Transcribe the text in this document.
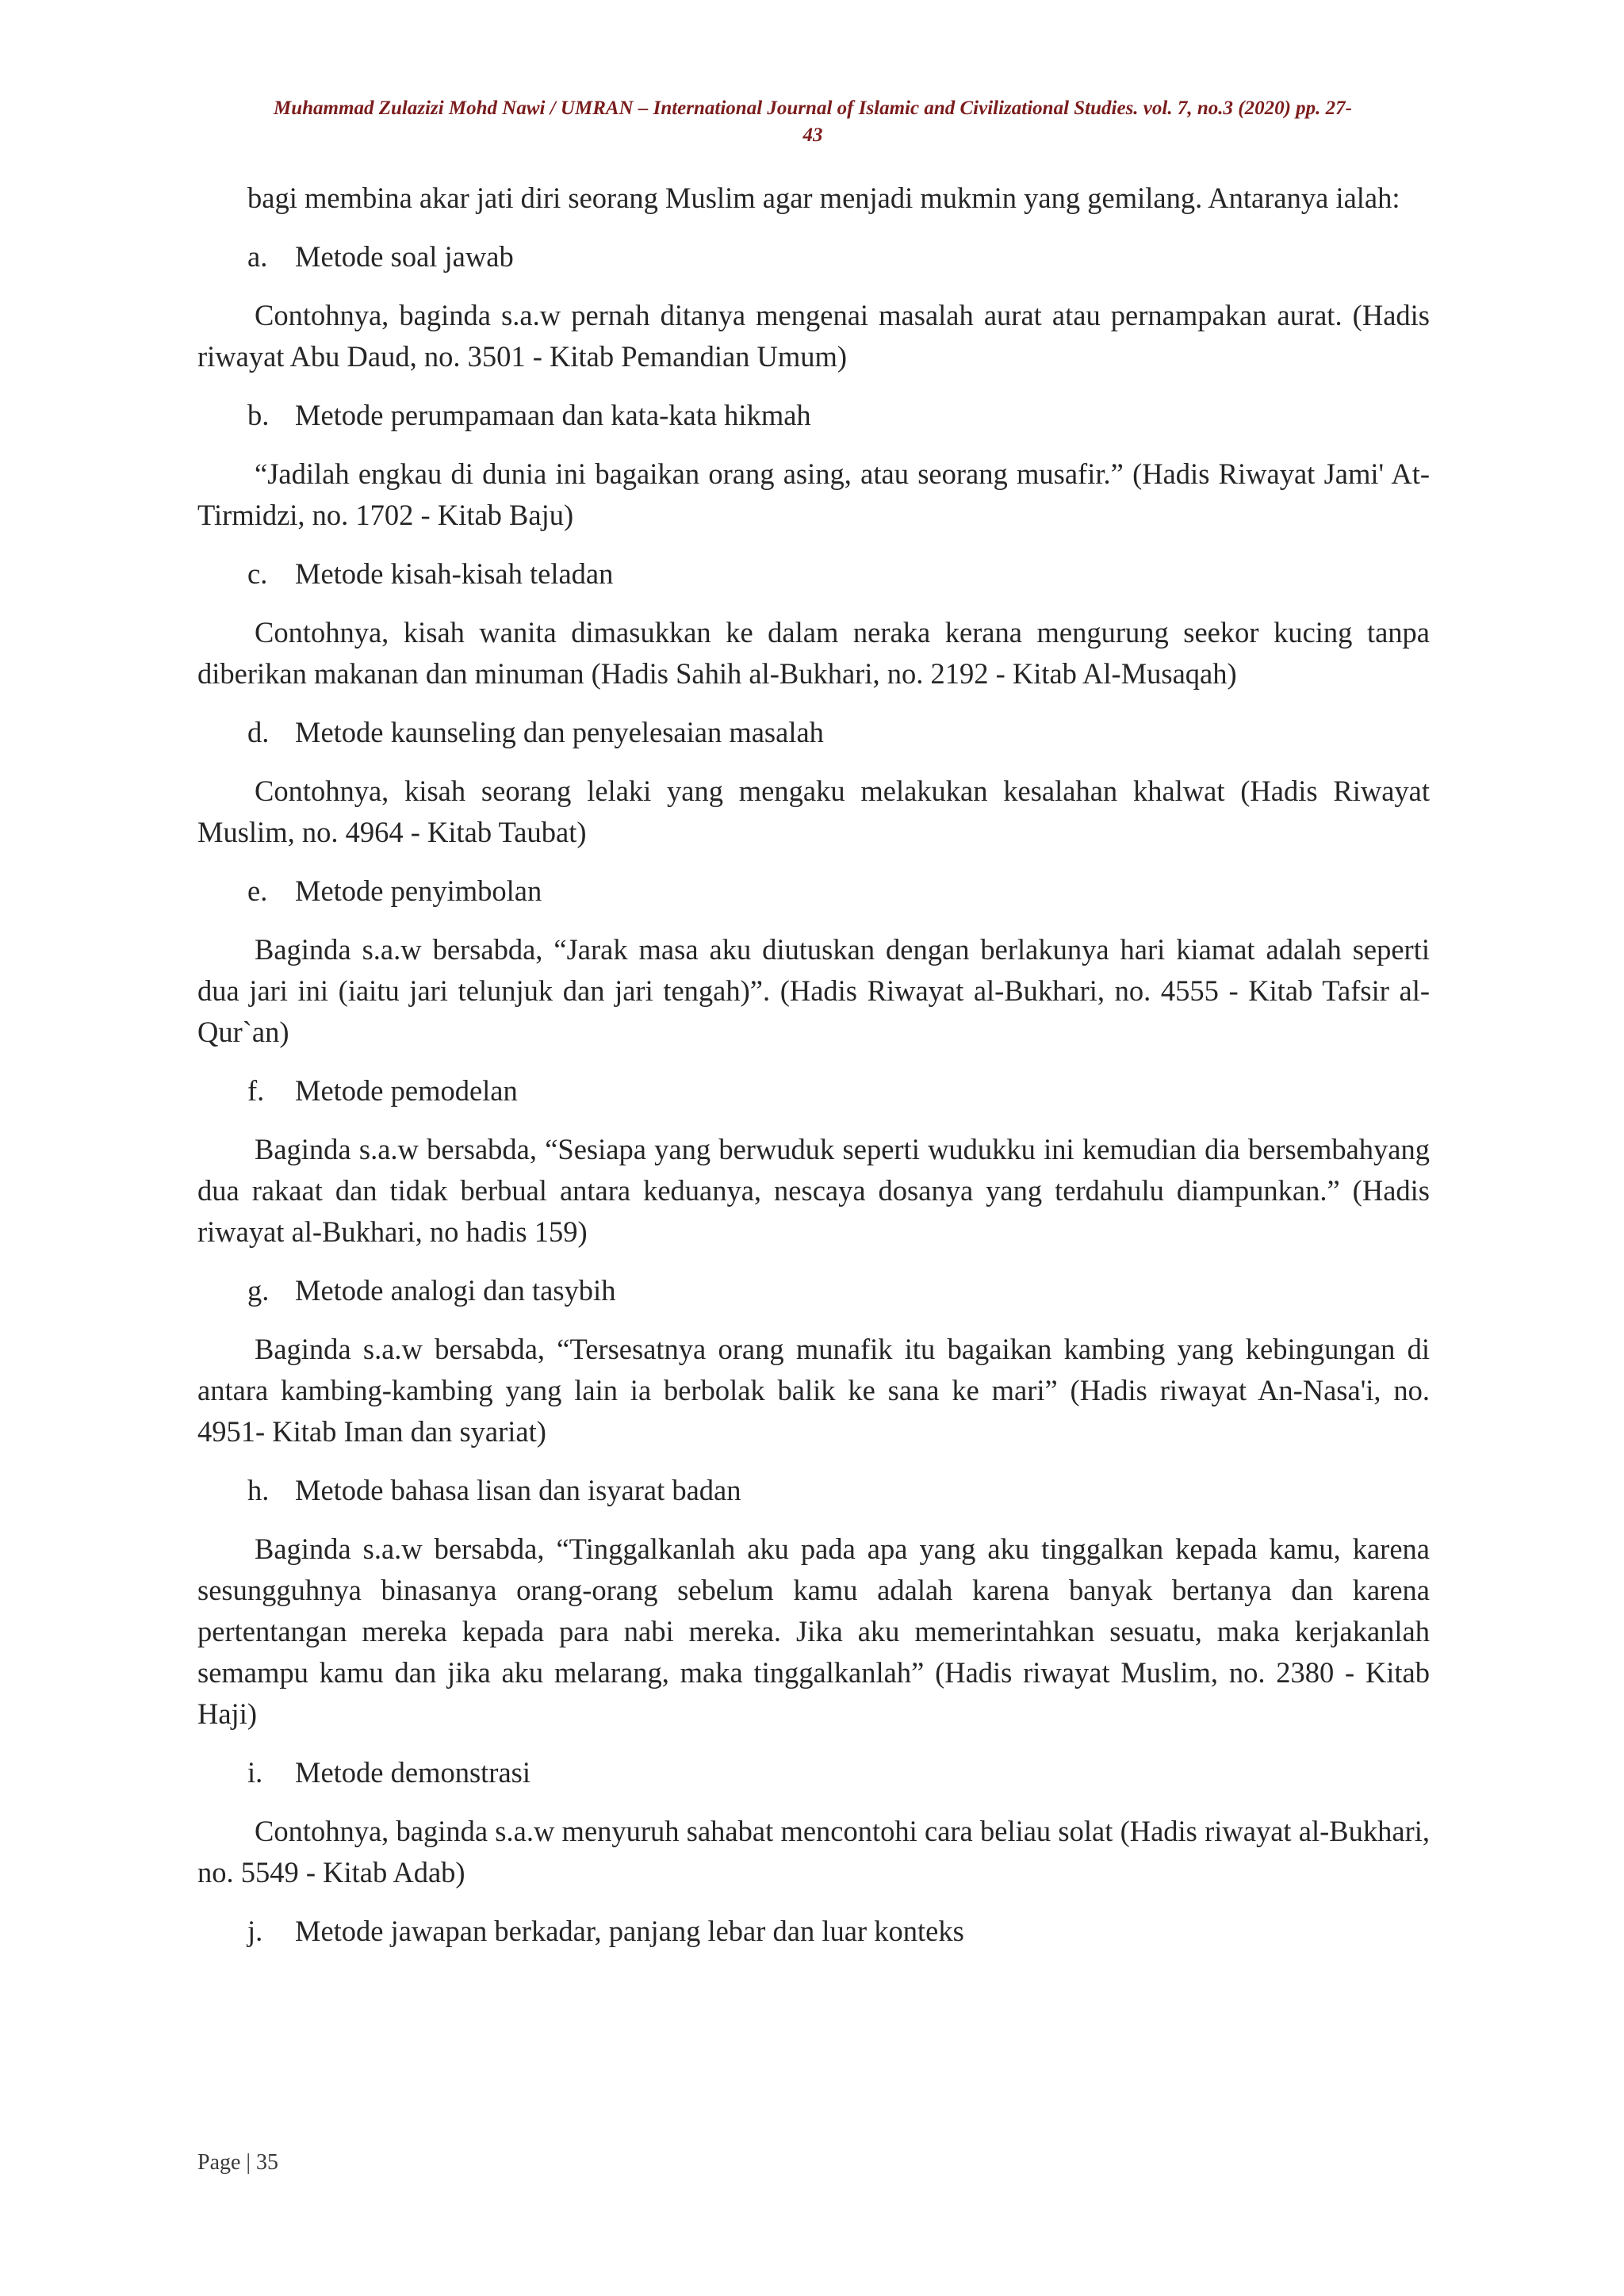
Muhammad Zulazizi Mohd Nawi / UMRAN – International Journal of Islamic and Civilizational Studies. vol. 7, no.3 (2020) pp. 27-
43

bagi membina akar jati diri seorang Muslim agar menjadi mukmin yang gemilang. Antaranya ialah:

a. Metode soal jawab

Contohnya, baginda s.a.w pernah ditanya mengenai masalah aurat atau pernampakan aurat. (Hadis riwayat Abu Daud, no. 3501 - Kitab Pemandian Umum)

b. Metode perumpamaan dan kata-kata hikmah

“Jadilah engkau di dunia ini bagaikan orang asing, atau seorang musafir.” (Hadis Riwayat Jami' At-Tirmidzi, no. 1702 - Kitab Baju)

c. Metode kisah-kisah teladan

Contohnya, kisah wanita dimasukkan ke dalam neraka kerana mengurung seekor kucing tanpa diberikan makanan dan minuman (Hadis Sahih al-Bukhari, no. 2192 - Kitab Al-Musaqah)

d. Metode kaunseling dan penyelesaian masalah

Contohnya, kisah seorang lelaki yang mengaku melakukan kesalahan khalwat (Hadis Riwayat Muslim, no. 4964 - Kitab Taubat)

e. Metode penyimbolan

Baginda s.a.w bersabda, “Jarak masa aku diutuskan dengan berlakunya hari kiamat adalah seperti dua jari ini (iaitu jari telunjuk dan jari tengah)”. (Hadis Riwayat al-Bukhari, no. 4555 - Kitab Tafsir al-Qur`an)

f.	Metode pemodelan

Baginda s.a.w bersabda, “Sesiapa yang berwuduk seperti wudukku ini kemudian dia bersembahyang dua rakaat dan tidak berbual antara keduanya, nescaya dosanya yang terdahulu diampunkan.” (Hadis riwayat al-Bukhari, no hadis 159)

g. Metode analogi dan tasybih

Baginda s.a.w bersabda, “Tersesatnya orang munafik itu bagaikan kambing yang kebingungan di antara kambing-kambing yang lain ia berbolak balik ke sana ke mari” (Hadis riwayat An-Nasa'i, no. 4951- Kitab Iman dan syariat)

h. Metode bahasa lisan dan isyarat badan

Baginda s.a.w bersabda, “Tinggalkanlah aku pada apa yang aku tinggalkan kepada kamu, karena sesungguhnya binasanya orang-orang sebelum kamu adalah karena banyak bertanya dan karena pertentangan mereka kepada para nabi mereka. Jika aku memerintahkan sesuatu, maka kerjakanlah semampu kamu dan jika aku melarang, maka tinggalkanlah” (Hadis riwayat Muslim, no. 2380 - Kitab Haji)

i.	Metode demonstrasi

Contohnya, baginda s.a.w menyuruh sahabat mencontohi cara beliau solat (Hadis riwayat al-Bukhari, no. 5549 - Kitab Adab)

j.	Metode jawapan berkadar, panjang lebar dan luar konteks
Page | 35
